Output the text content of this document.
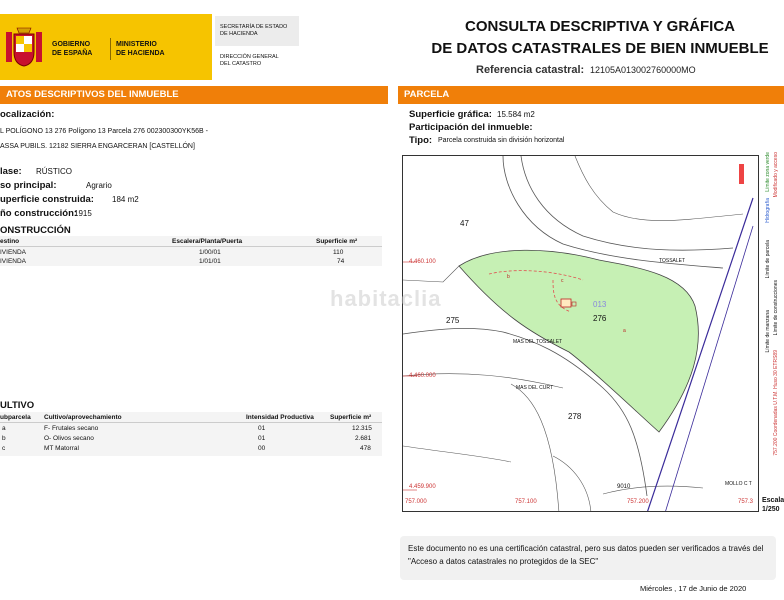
GOBIERNO
DE ESPAÑA
MINISTERIO
DE HACIENDA
SECRETARÍA DE ESTADO
DE HACIENDA
DIRECCIÓN GENERAL
DEL CATASTRO
CONSULTA DESCRIPTIVA Y GRÁFICA
DE DATOS CATASTRALES DE BIEN INMUEBLE
Referencia catastral: 12105A013002760000MO
ATOS DESCRIPTIVOS DEL INMUEBLE
ocalización:
L POLÍGONO 13 276 Polígono 13 Parcela 276 002300300YK56B -
ASSA PUBILS. 12182 SIERRA ENGARCERAN [CASTELLÓN]
lase: RÚSTICO
so principal:	Agrario
uperficie construida: 184 m2
ño construcción:
1915
ONSTRUCCIÓN
estino	Escalera/Planta/Puerta	Superficie m²
IVIENDA	1/00/01	110
IVIENDA	1/01/01	74
ULTIVO
ubparcela Cultivo/aprovechamiento	Intensidad Productiva Superficie m²
a	F- Frutales secano	01	12.315
b	O- Olivos secano	01	2.681
c	MT Matorral	00	478
PARCELA
Superficie gráfica: 15.584 m2
Participación del inmueble:
Tipo: Parcela construida sin división horizontal
47
275	276
278
013
9010
TOSSALET
MAS DEL TOSSALET
MAS DEL CURT
MOLLO C T
b
c
a
4.460.100
4.460.000
4.459.900
757.000	757.100	757.200	757.3
Límite zona verde
Hidrografía
Modificado y acceso
Límite de parcela
Límite de construcciones
Límite de manzana
757.200 Coordenadas U.T.M. Huso 30 ETRS89
Escala
1/250
habitaclia
Este documento no es una certificación catastral, pero sus datos pueden ser verificados a través del "Acceso a datos catastrales no protegidos de la SEC"
Miércoles , 17 de Junio de 2020
